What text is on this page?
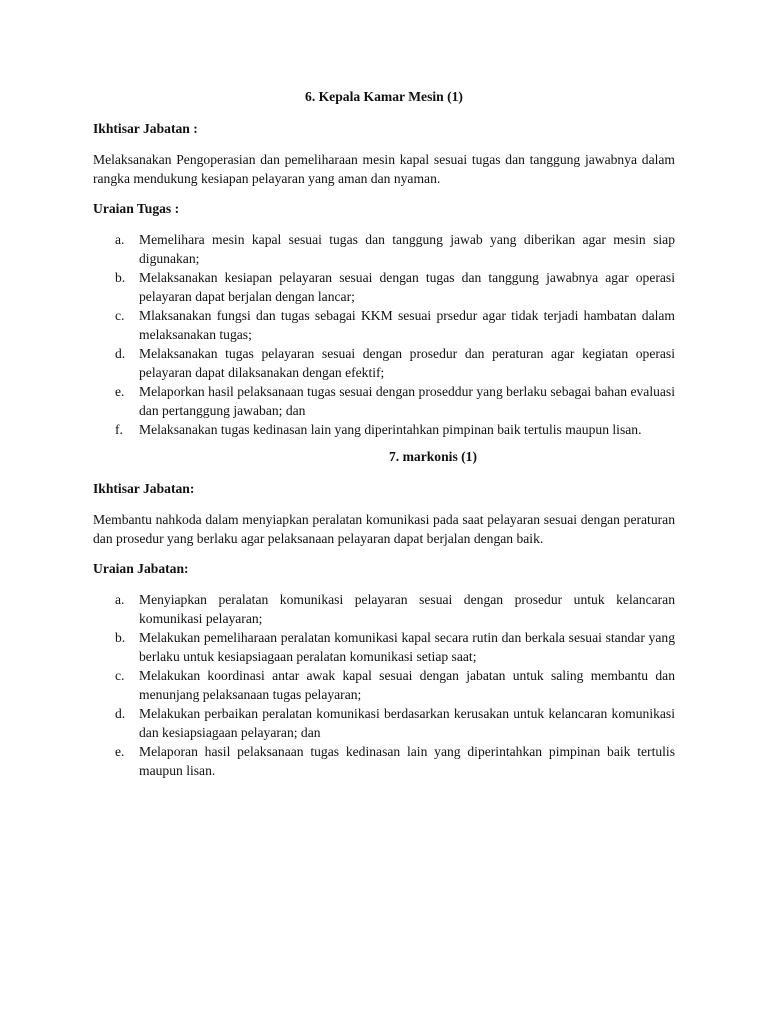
6. Kepala Kamar Mesin (1)
Ikhtisar Jabatan :
Melaksanakan Pengoperasian dan pemeliharaan mesin kapal sesuai tugas dan tanggung jawabnya dalam rangka mendukung kesiapan pelayaran yang aman dan nyaman.
Uraian Tugas :
a. Memelihara mesin kapal sesuai tugas dan tanggung jawab yang diberikan agar mesin siap digunakan;
b. Melaksanakan kesiapan pelayaran sesuai dengan tugas dan tanggung jawabnya agar operasi pelayaran dapat berjalan dengan lancar;
c. Mlaksanakan fungsi dan tugas sebagai KKM sesuai prsedur agar tidak terjadi hambatan dalam melaksanakan tugas;
d. Melaksanakan tugas pelayaran sesuai dengan prosedur dan peraturan agar kegiatan operasi pelayaran dapat dilaksanakan dengan efektif;
e. Melaporkan hasil pelaksanaan tugas sesuai dengan proseddur yang berlaku sebagai bahan evaluasi dan pertanggung jawaban; dan
f. Melaksanakan tugas kedinasan lain yang diperintahkan pimpinan baik tertulis maupun lisan.
7. markonis (1)
Ikhtisar Jabatan:
Membantu nahkoda dalam menyiapkan peralatan komunikasi pada saat pelayaran sesuai dengan peraturan dan prosedur yang berlaku agar pelaksanaan pelayaran dapat berjalan dengan baik.
Uraian Jabatan:
a. Menyiapkan peralatan komunikasi pelayaran sesuai dengan prosedur untuk kelancaran komunikasi pelayaran;
b. Melakukan pemeliharaan peralatan komunikasi kapal secara rutin dan berkala sesuai standar yang berlaku untuk kesiapsiagaan peralatan komunikasi setiap saat;
c. Melakukan koordinasi antar awak kapal sesuai dengan jabatan untuk saling membantu dan menunjang pelaksanaan tugas pelayaran;
d. Melakukan perbaikan peralatan komunikasi berdasarkan kerusakan untuk kelancaran komunikasi dan kesiapsiagaan pelayaran; dan
e. Melaporan hasil pelaksanaan tugas kedinasan lain yang diperintahkan pimpinan baik tertulis maupun lisan.
